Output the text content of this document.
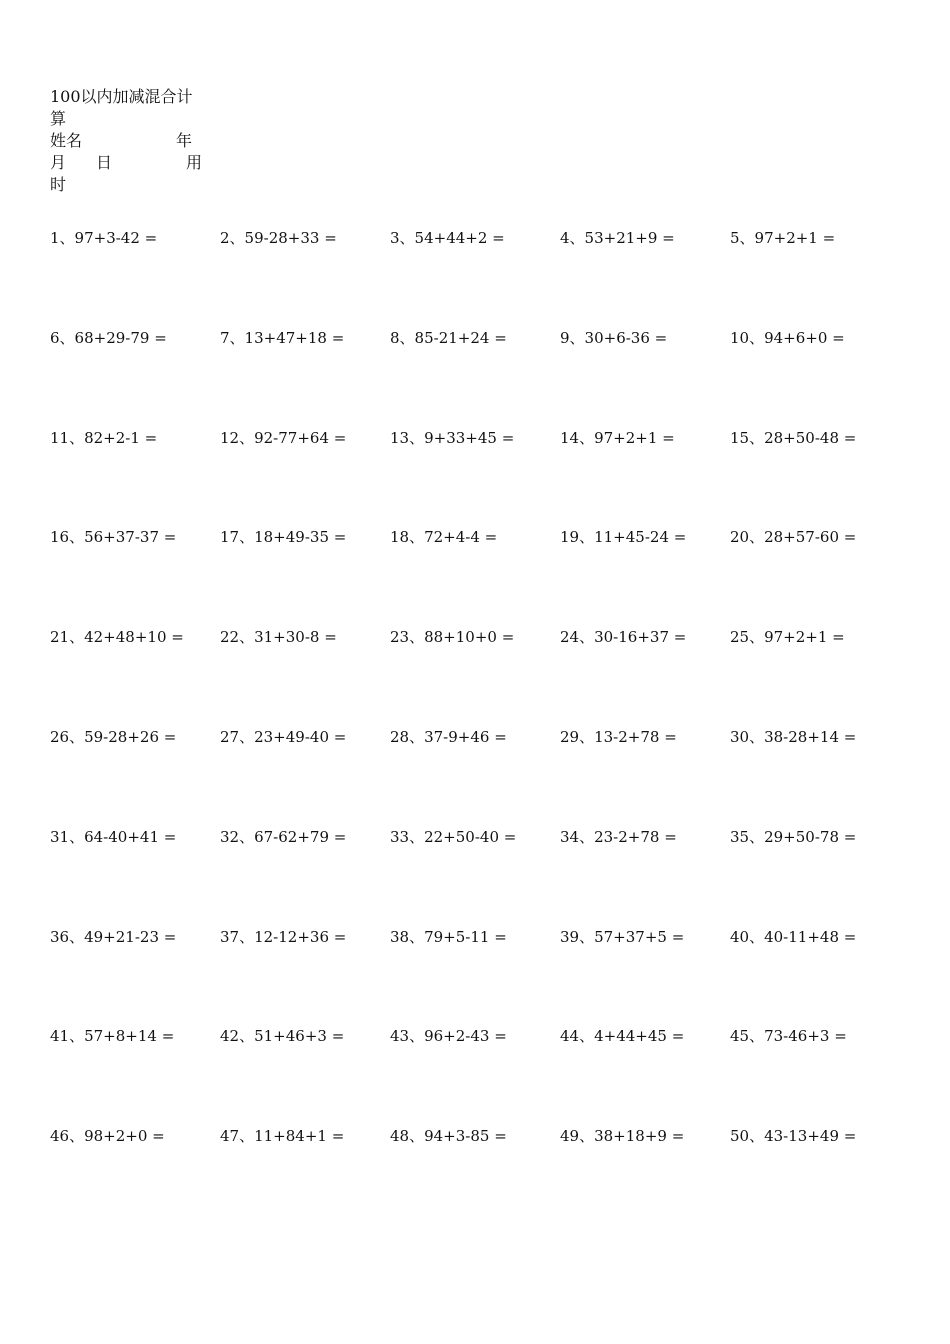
100以内加减混合计
算
姓名	年
月 日	用
时
1、97+3-42 =	2、59-28+33 =	3、54+44+2 =	4、53+21+9 =	5、97+2+1 =
6、68+29-79 =	7、13+47+18 =	8、85-21+24 =	9、30+6-36 =	10、94+6+0 =
11、82+2-1 =	12、92-77+64 =	13、9+33+45 =	14、97+2+1 =	15、28+50-48 =
16、56+37-37 =	17、18+49-35 =	18、72+4-4 =	19、11+45-24 =	20、28+57-60 =
21、42+48+10 =	22、31+30-8 =	23、88+10+0 =	24、30-16+37 =	25、97+2+1 =
26、59-28+26 =	27、23+49-40 =	28、37-9+46 =	29、13-2+78 =	30、38-28+14 =
31、64-40+41 =	32、67-62+79 =	33、22+50-40 =	34、23-2+78 =	35、29+50-78 =
36、49+21-23 =	37、12-12+36 =	38、79+5-11 =	39、57+37+5 =	40、40-11+48 =
41、57+8+14 =	42、51+46+3 =	43、96+2-43 =	44、4+44+45 =	45、73-46+3 =
46、98+2+0 =	47、11+84+1 =	48、94+3-85 =	49、38+18+9 =	50、43-13+49 =
